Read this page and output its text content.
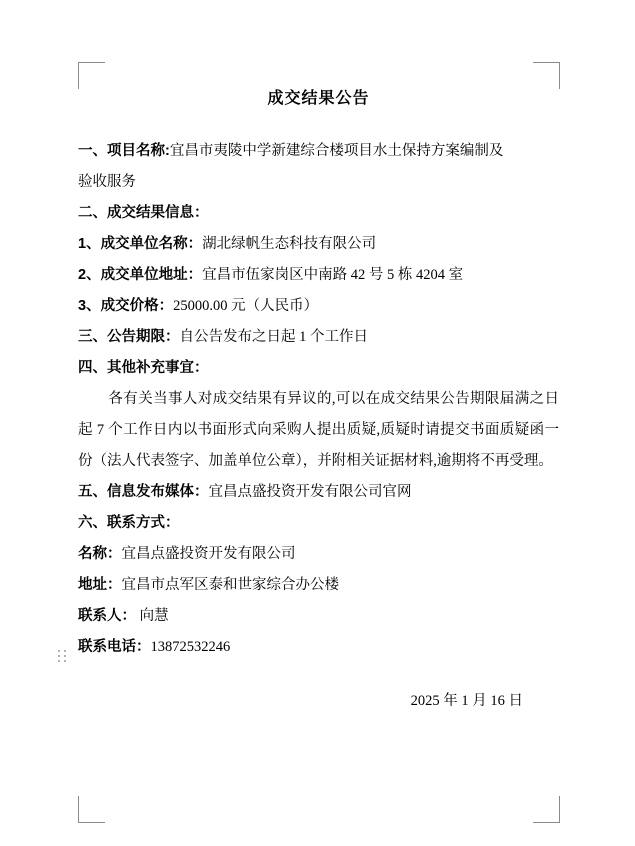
成交结果公告

一、项目名称:宜昌市夷陵中学新建综合楼项目水土保持方案编制及

验收服务

二、成交结果信息：

1、成交单位名称：湖北绿帆生态科技有限公司

2、成交单位地址：宜昌市伍家岗区中南路 42 号 5 栋 4204 室

3、成交价格：25000.00 元（人民币）

三、公告期限：自公告发布之日起 1 个工作日

四、其他补充事宜：

各有关当事人对成交结果有异议的,可以在成交结果公告期限届满之日起 7 个工作日内以书面形式向采购人提出质疑,质疑时请提交书面质疑函一份（法人代表签字、加盖单位公章），并附相关证据材料,逾期将不再受理。

五、信息发布媒体：宜昌点盛投资开发有限公司官网

六、联系方式：

名称：宜昌点盛投资开发有限公司

地址：宜昌市点军区泰和世家综合办公楼

联系人： 向慧

联系电话：13872532246

2025 年 1 月 16 日
